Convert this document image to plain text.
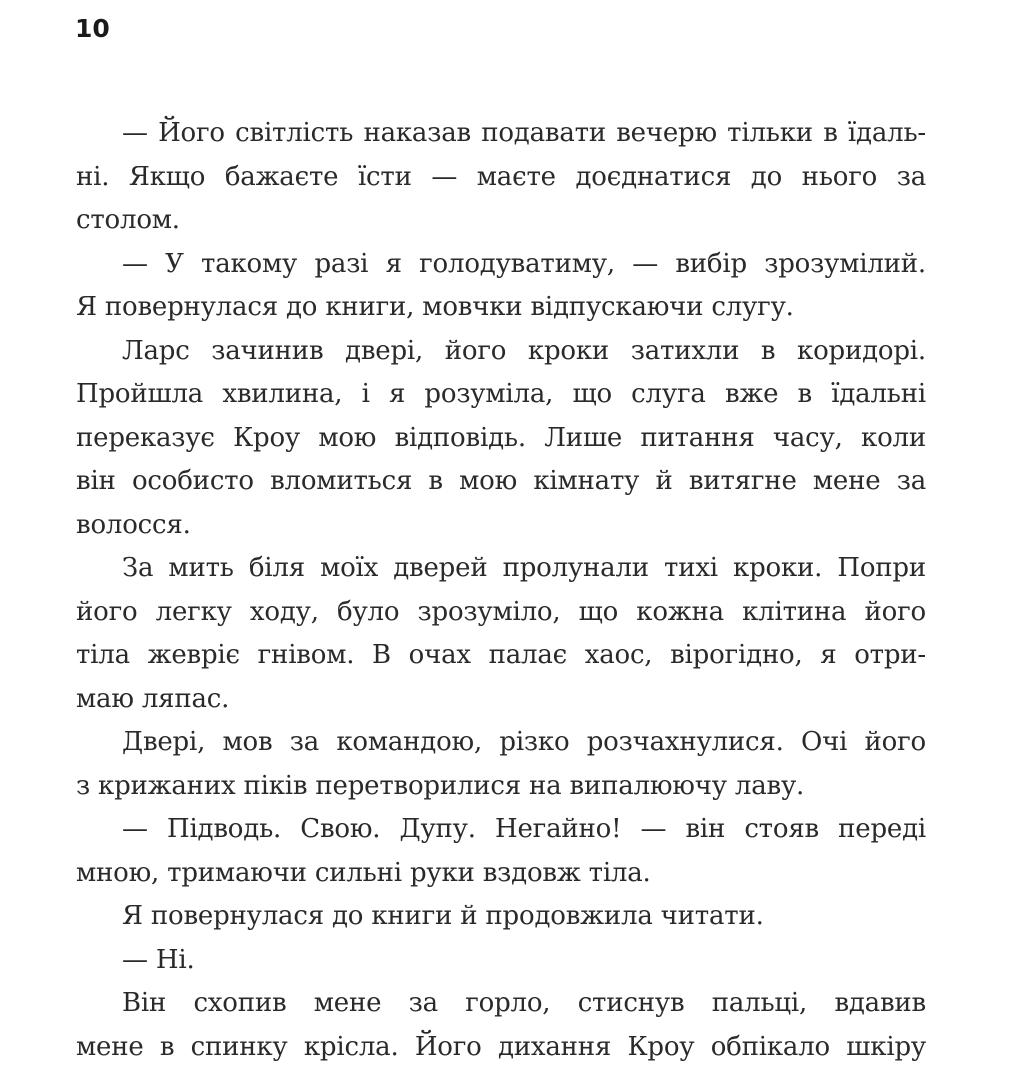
10
— Його світлість наказав подавати вечерю тільки в їдаль-
ні. Якщо бажаєте їсти — маєте доєднатися до нього за
столом.
— У такому разі я голодуватиму, — вибір зрозумілий.
Я повернулася до книги, мовчки відпускаючи слугу.
Ларс зачинив двері, його кроки затихли в коридорі.
Пройшла хвилина, і я розуміла, що слуга вже в їдальні
переказує Кроу мою відповідь. Лише питання часу, коли
він особисто вломиться в мою кімнату й витягне мене за
волосся.
За мить біля моїх дверей пролунали тихі кроки. Попри
його легку ходу, було зрозуміло, що кожна клітина його
тіла жевріє гнівом. В очах палає хаос, вірогідно, я отри-
маю ляпас.
Двері, мов за командою, різко розчахнулися. Очі його
з крижаних піків перетворилися на випалюючу лаву.
— Підводь. Свою. Дупу. Негайно! — він стояв переді
мною, тримаючи сильні руки вздовж тіла.
Я повернулася до книги й продовжила читати.
— Ні.
Він схопив мене за горло, стиснув пальці, вдавив
мене в спинку крісла. Його дихання Кроу обпікало шкіру
